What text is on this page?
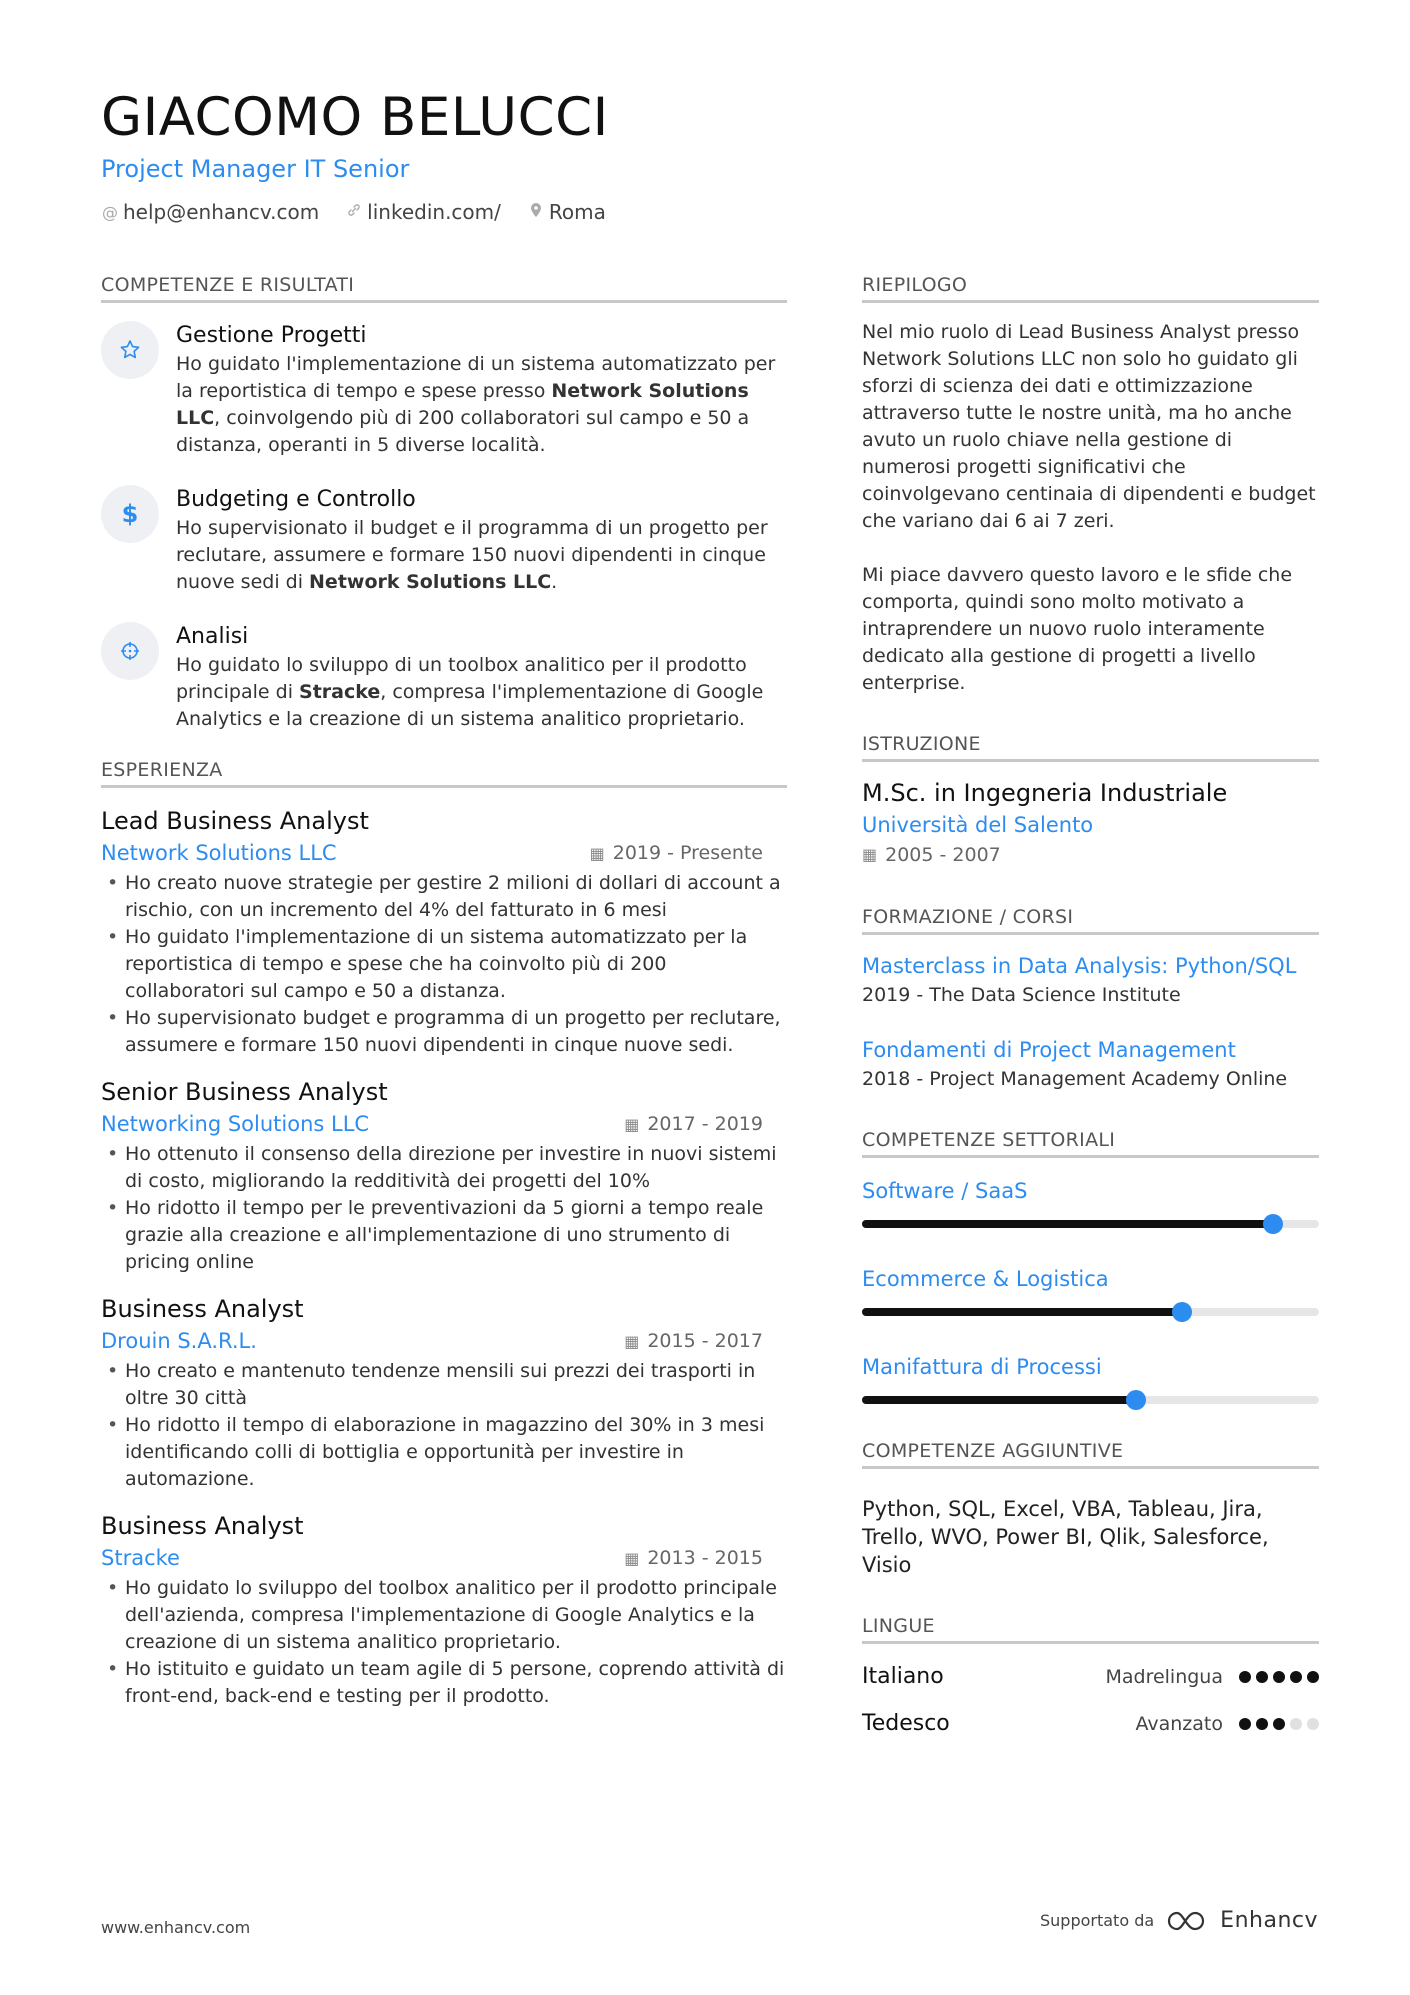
GIACOMO BELUCCI
Project Manager IT Senior
@ help@enhancv.com linkedin.com/ Roma
COMPETENZE E RISULTATI
Gestione Progetti
Ho guidato l'implementazione di un sistema automatizzato per la reportistica di tempo e spese presso Network Solutions LLC, coinvolgendo più di 200 collaboratori sul campo e 50 a distanza, operanti in 5 diverse località.
$
Budgeting e Controllo
Ho supervisionato il budget e il programma di un progetto per reclutare, assumere e formare 150 nuovi dipendenti in cinque nuove sedi di Network Solutions LLC.
Analisi
Ho guidato lo sviluppo di un toolbox analitico per il prodotto principale di Stracke, compresa l'implementazione di Google Analytics e la creazione di un sistema analitico proprietario.
ESPERIENZA
Lead Business Analyst
Network Solutions LLC	▦ 2019 - Presente
• Ho creato nuove strategie per gestire 2 milioni di dollari di account a rischio, con un incremento del 4% del fatturato in 6 mesi
• Ho guidato l'implementazione di un sistema automatizzato per la reportistica di tempo e spese che ha coinvolto più di 200 collaboratori sul campo e 50 a distanza.
• Ho supervisionato budget e programma di un progetto per reclutare, assumere e formare 150 nuovi dipendenti in cinque nuove sedi.
Senior Business Analyst
Networking Solutions LLC	▦ 2017 - 2019
• Ho ottenuto il consenso della direzione per investire in nuovi sistemi di costo, migliorando la redditività dei progetti del 10%
• Ho ridotto il tempo per le preventivazioni da 5 giorni a tempo reale grazie alla creazione e all'implementazione di uno strumento di pricing online
Business Analyst
Drouin S.A.R.L.	▦ 2015 - 2017
• Ho creato e mantenuto tendenze mensili sui prezzi dei trasporti in oltre 30 città
• Ho ridotto il tempo di elaborazione in magazzino del 30% in 3 mesi identificando colli di bottiglia e opportunità per investire in automazione.
Business Analyst
Stracke	▦ 2013 - 2015
• Ho guidato lo sviluppo del toolbox analitico per il prodotto principale dell'azienda, compresa l'implementazione di Google Analytics e la creazione di un sistema analitico proprietario.
• Ho istituito e guidato un team agile di 5 persone, coprendo attività di front-end, back-end e testing per il prodotto.
RIEPILOGO

Nel mio ruolo di Lead Business Analyst presso Network Solutions LLC non solo ho guidato gli sforzi di scienza dei dati e ottimizzazione attraverso tutte le nostre unità, ma ho anche avuto un ruolo chiave nella gestione di numerosi progetti significativi che coinvolgevano centinaia di dipendenti e budget che variano dai 6 ai 7 zeri.

Mi piace davvero questo lavoro e le sfide che comporta, quindi sono molto motivato a intraprendere un nuovo ruolo interamente dedicato alla gestione di progetti a livello enterprise.

ISTRUZIONE
M.Sc. in Ingegneria Industriale
Università del Salento
▦ 2005 - 2007
FORMAZIONE / CORSI
Masterclass in Data Analysis: Python/SQL
2019 - The Data Science Institute
Fondamenti di Project Management
2018 - Project Management Academy Online
COMPETENZE SETTORIALI
Software / SaaS
Ecommerce & Logistica
Manifattura di Processi
COMPETENZE AGGIUNTIVE
Python, SQL, Excel, VBA, Tableau, Jira, Trello, WVO, Power BI, Qlik, Salesforce, Visio
LINGUE
Italiano	Madrelingua
Tedesco	Avanzato
www.enhancv.com	Supportato da	Enhancv
